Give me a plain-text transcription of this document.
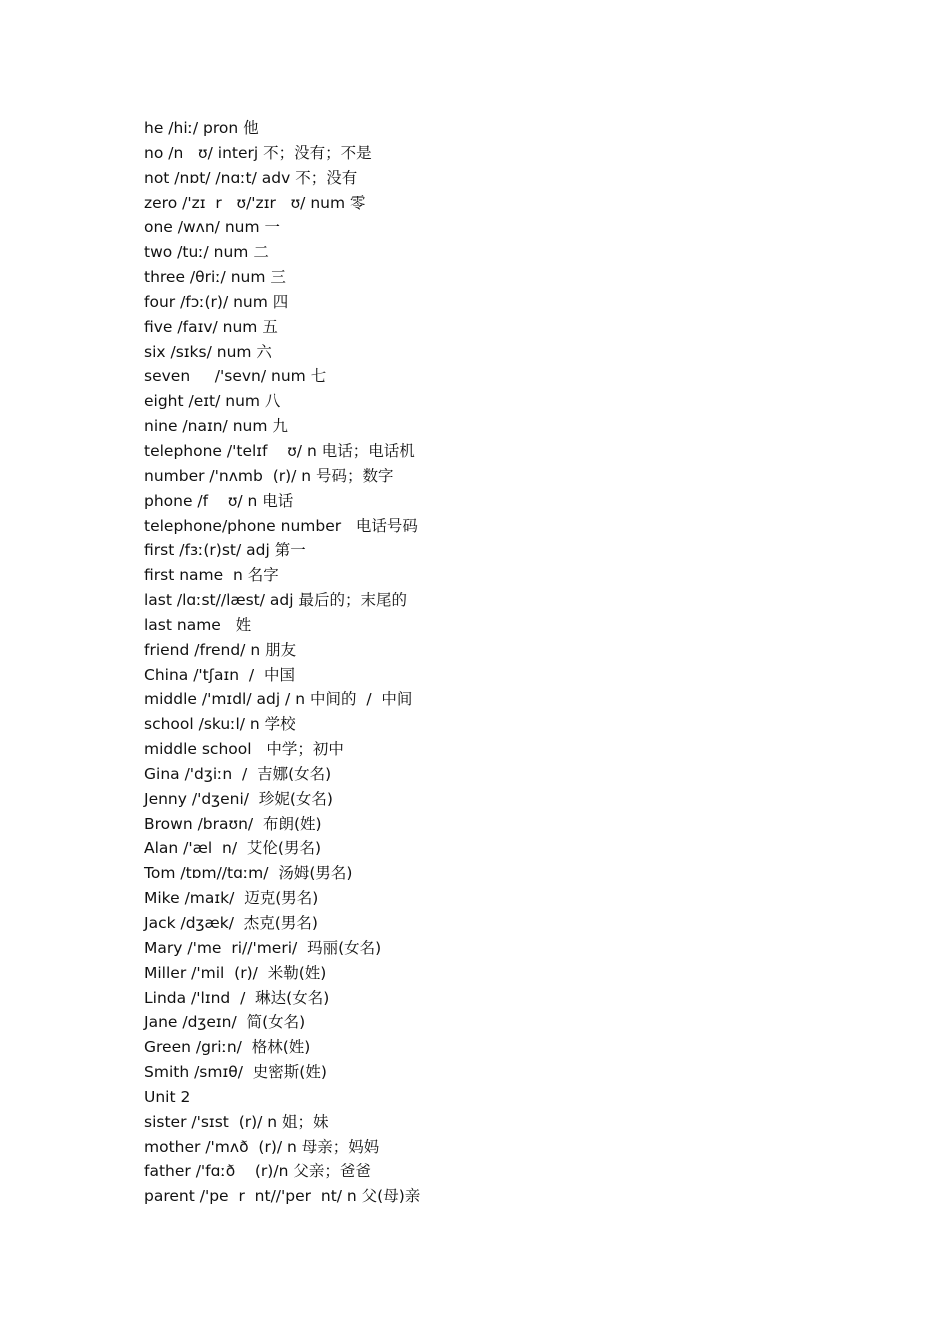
he /hiː/ pron 他
no /n   ʊ/ interj 不；没有；不是
not /nɒt/ /nɑːt/ adv 不；没有
zero /'zɪ  r   ʊ/'zɪr   ʊ/ num 零
one /wʌn/ num 一
two /tuː/ num 二
three /θriː/ num 三
four /fɔː(r)/ num 四
five /faɪv/ num 五
six /sɪks/ num 六
seven     /'sevn/ num 七
eight /eɪt/ num 八
nine /naɪn/ num 九
telephone /'telɪf    ʊ/ n 电话；电话机
number /'nʌmb  (r)/ n 号码；数字
phone /f    ʊ/ n 电话
telephone/phone number   电话号码
first /fɜː(r)st/ adj 第一
first name  n 名字
last /lɑːst//læst/ adj 最后的；末尾的
last name   姓
friend /frend/ n 朋友
China /'tʃaɪn  /  中国
middle /'mɪdl/ adj / n 中间的  /  中间
school /skuːl/ n 学校
middle school   中学；初中
Gina /'dʒiːn  /  吉娜(女名)
Jenny /'dʒeni/  珍妮(女名)
Brown /braʊn/  布朗(姓)
Alan /'æl  n/  艾伦(男名)
Tom /tɒm//tɑːm/  汤姆(男名)
Mike /maɪk/  迈克(男名)
Jack /dʒæk/  杰克(男名)
Mary /'me  ri//'meri/  玛丽(女名)
Miller /'mil  (r)/  米勒(姓)
Linda /'lɪnd  /  琳达(女名)
Jane /dʒeɪn/  简(女名)
Green /griːn/  格林(姓)
Smith /smɪθ/  史密斯(姓)
Unit 2
sister /'sɪst  (r)/ n 姐；妹
mother /'mʌð  (r)/ n 母亲；妈妈
father /'fɑːð    (r)/n 父亲；爸爸
parent /'pe  r  nt//'per  nt/ n 父(母)亲
